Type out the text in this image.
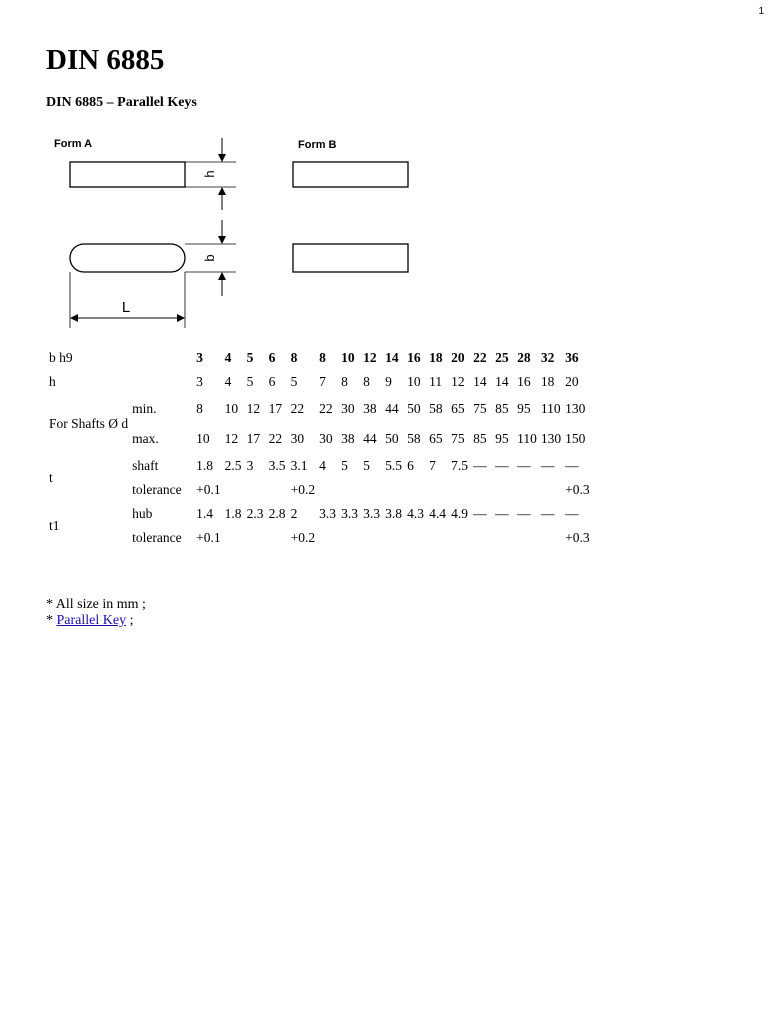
1
DIN 6885
DIN 6885 – Parallel Keys
Form A	Form B
h
b
L
b h9		3	4	5	6	8	8	10	12	14	16	18	20	22	25	28	32	36
h		3	4	5	6	5	7	8	8	9	10	11	12	14	14	16	18	20
For Shafts Ø d	min.	8	10	12	17	22	22	30	38	44	50	58	65	75	85	95	110	130
	max.	10	12	17	22	30	30	38	44	50	58	65	75	85	95	110	130	150
t	shaft	1.8	2.5	3	3.5	3.1	4	5	5	5.5	6	7	7.5	—	—	—	—	—
	tolerance	+0.1				+0.2												+0.3
t1	hub	1.4	1.8	2.3	2.8	2	3.3	3.3	3.3	3.8	4.3	4.4	4.9	—	—	—	—	—
	tolerance	+0.1				+0.2												+0.3
* All size in mm ;
* Parallel Key ;
